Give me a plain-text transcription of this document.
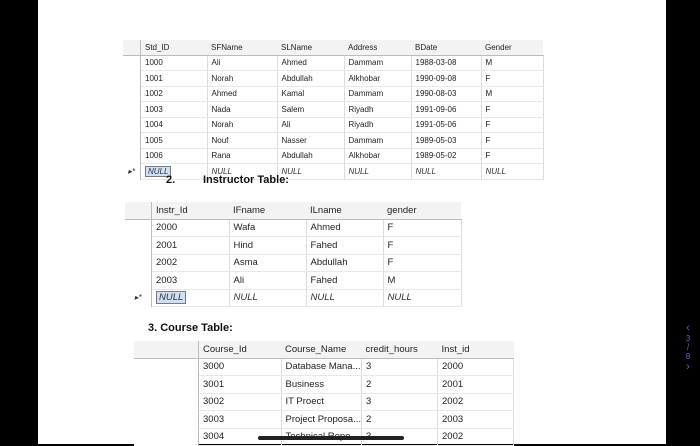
	Std_ID	SFName	SLName	Address	BDate	Gender
	1000	Ali	Ahmed	Dammam	1988-03-08	M
	1001	Norah	Abdullah	Alkhobar	1990-09-08	F
	1002	Ahmed	Kamal	Dammam	1990-08-03	M
	1003	Nada	Salem	Riyadh	1991-09-06	F
	1004	Norah	Ali	Riyadh	1991-05-06	F
	1005	Nouf	Nasser	Dammam	1989-05-03	F
	1006	Rana	Abdullah	Alkhobar	1989-05-02	F
▸*	NULL	NULL	NULL	NULL	NULL	NULL
2.	Instructor Table:
	Instr_Id	IFname	ILname	gender
	2000	Wafa	Ahmed	F
	2001	Hind	Fahed	F
	2002	Asma	Abdullah	F
	2003	Ali	Fahed	M
▸*	NULL	NULL	NULL	NULL
3. Course Table:
	Course_Id	Course_Name	credit_hours	Inst_id
	3000	Database Mana...	3	2000
	3001	Business	2	2001
	3002	IT Proect	3	2002
	3003	Project Proposa...	2	2003
	3004			2002
‹
3
/
8
›
